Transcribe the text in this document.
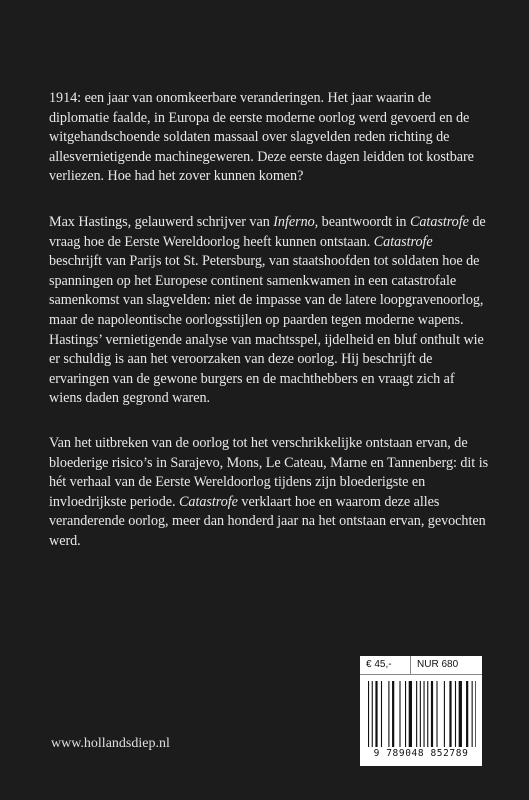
1914: een jaar van onomkeerbare veranderingen. Het jaar waarin de diplomatie faalde, in Europa de eerste moderne oorlog werd gevoerd en de witgehandschoende soldaten massaal over slagvelden reden richting de allesvernietigende machinegeweren. Deze eerste dagen leidden tot kostbare verliezen. Hoe had het zover kunnen komen?

Max Hastings, gelauwerd schrijver van Inferno, beantwoordt in Catastrofe de vraag hoe de Eerste Wereldoorlog heeft kunnen ontstaan. Catastrofe beschrijft van Parijs tot St. Petersburg, van staatshoofden tot soldaten hoe de spanningen op het Europese continent samenkwamen in een catastrofale samenkomst van slagvelden: niet de impasse van de latere loopgravenoorlog, maar de napoleontische oorlogsstijlen op paarden tegen moderne wapens. Hastings’ vernietigende analyse van machtsspel, ijdelheid en bluf onthult wie er schuldig is aan het veroorzaken van deze oorlog. Hij beschrijft de ervaringen van de gewone burgers en de machthebbers en vraagt zich af wiens daden gegrond waren.

Van het uitbreken van de oorlog tot het verschrikkelijke ontstaan ervan, de bloederige risico’s in Sarajevo, Mons, Le Cateau, Marne en Tannenberg: dit is hét verhaal van de Eerste Wereldoorlog tijdens zijn bloederigste en invloedrijkste periode. Catastrofe verklaart hoe en waarom deze alles veranderende oorlog, meer dan honderd jaar na het ontstaan ervan, gevochten werd.

€ 45,-	NUR 680
9 789048 852789
www.hollandsdiep.nl
